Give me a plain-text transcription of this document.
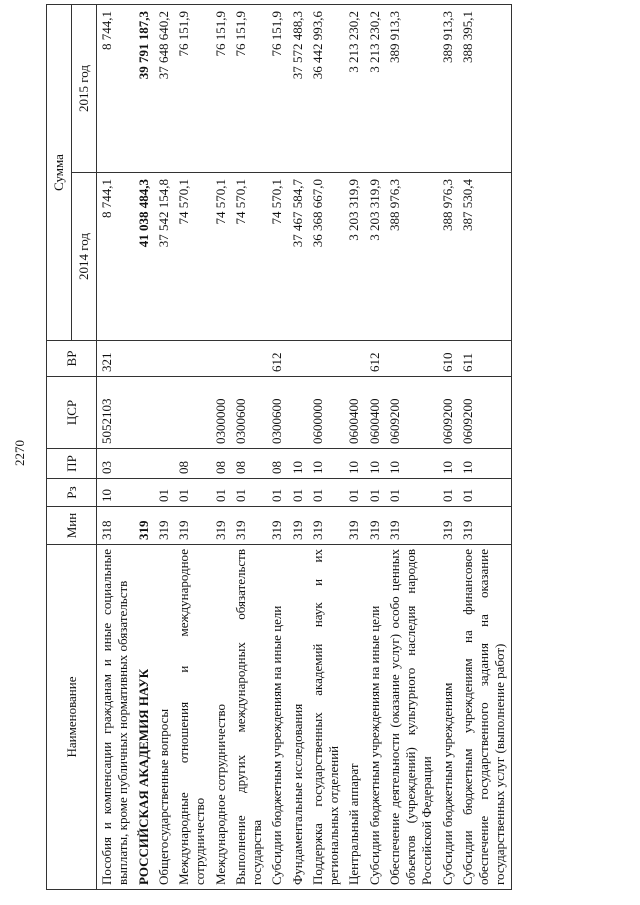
2270
Наименование	Мин	Рз	ПР	ЦСР	ВР	Сумма	
						2014 год	2015 год
Пособия и компенсации гражданам и иные социальные выплаты, кроме публичных нормативных обязательств	318	10	03	5052103	321	8 744,1	8 744,1
РОССИЙСКАЯ АКАДЕМИЯ НАУК	319					41 038 484,3	39 791 187,3
Общегосударственные вопросы	319	01				37 542 154,8	37 648 640,2
Международные отношения и международное сотрудничество	319	01	08			74 570,1	76 151,9
Международное сотрудничество	319	01	08	0300000		74 570,1	76 151,9
Выполнение других международных обязательств государства	319	01	08	0300600		74 570,1	76 151,9
Субсидии бюджетным учреждениям на иные цели	319	01	08	0300600	612	74 570,1	76 151,9
Фундаментальные исследования	319	01	10			37 467 584,7	37 572 488,3
Поддержка государственных академий наук и их региональных отделений	319	01	10	0600000		36 368 667,0	36 442 993,6
Центральный аппарат	319	01	10	0600400		3 203 319,9	3 213 230,2
Субсидии бюджетным учреждениям на иные цели	319	01	10	0600400	612	3 203 319,9	3 213 230,2
Обеспечение деятельности (оказание услуг) особо ценных объектов (учреждений) культурного наследия народов Российской Федерации	319	01	10	0609200		388 976,3	389 913,3
Субсидии бюджетным учреждениям	319	01	10	0609200	610	388 976,3	389 913,3
Субсидии бюджетным учреждениям на финансовое обеспечение государственного задания на оказание государственных услуг (выполнение работ)	319	01	10	0609200	611	387 530,4	388 395,1
